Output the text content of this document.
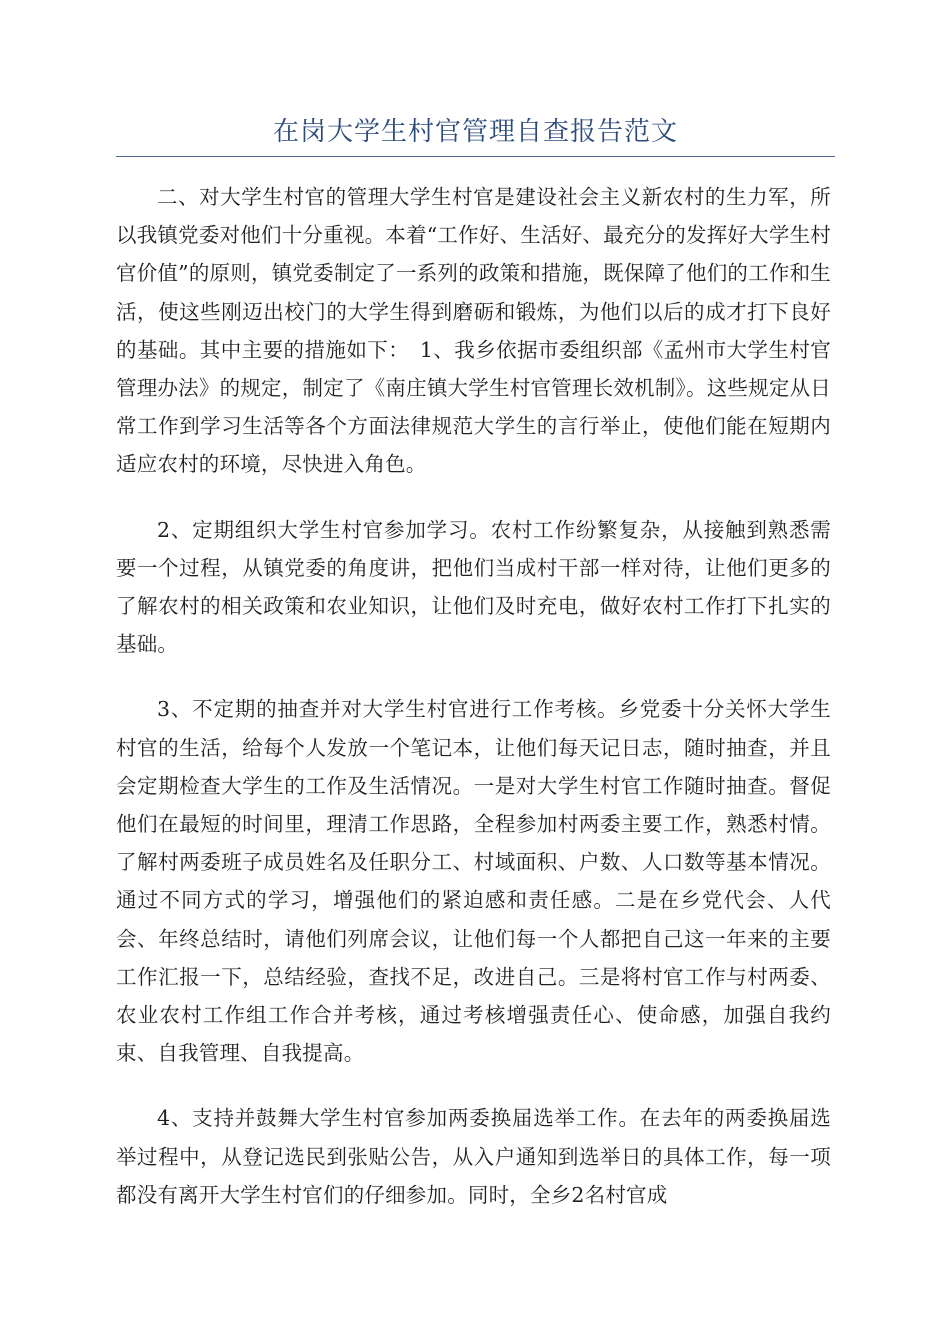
在岗大学生村官管理自查报告范文

二、对大学生村官的管理大学生村官是建设社会主义新农村的生力军，所以我镇党委对他们十分重视。本着“工作好、生活好、最充分的发挥好大学生村官价值”的原则，镇党委制定了一系列的政策和措施，既保障了他们的工作和生活，使这些刚迈出校门的大学生得到磨砺和锻炼，为他们以后的成才打下良好的基础。其中主要的措施如下：　1、我乡依据市委组织部《孟州市大学生村官管理办法》的规定，制定了《南庄镇大学生村官管理长效机制》。这些规定从日常工作到学习生活等各个方面法律规范大学生的言行举止，使他们能在短期内适应农村的环境，尽快进入角色。

2、定期组织大学生村官参加学习。农村工作纷繁复杂，从接触到熟悉需要一个过程，从镇党委的角度讲，把他们当成村干部一样对待，让他们更多的了解农村的相关政策和农业知识，让他们及时充电，做好农村工作打下扎实的基础。

3、不定期的抽查并对大学生村官进行工作考核。乡党委十分关怀大学生村官的生活，给每个人发放一个笔记本，让他们每天记日志，随时抽查，并且会定期检查大学生的工作及生活情况。一是对大学生村官工作随时抽查。督促他们在最短的时间里，理清工作思路，全程参加村两委主要工作，熟悉村情。了解村两委班子成员姓名及任职分工、村域面积、户数、人口数等基本情况。通过不同方式的学习，增强他们的紧迫感和责任感。二是在乡党代会、人代会、年终总结时，请他们列席会议，让他们每一个人都把自己这一年来的主要工作汇报一下，总结经验，查找不足，改进自己。三是将村官工作与村两委、农业农村工作组工作合并考核，通过考核增强责任心、使命感，加强自我约束、自我管理、自我提高。

4、支持并鼓舞大学生村官参加两委换届选举工作。在去年的两委换届选举过程中，从登记选民到张贴公告，从入户通知到选举日的具体工作，每一项都没有离开大学生村官们的仔细参加。同时，全乡2名村官成
